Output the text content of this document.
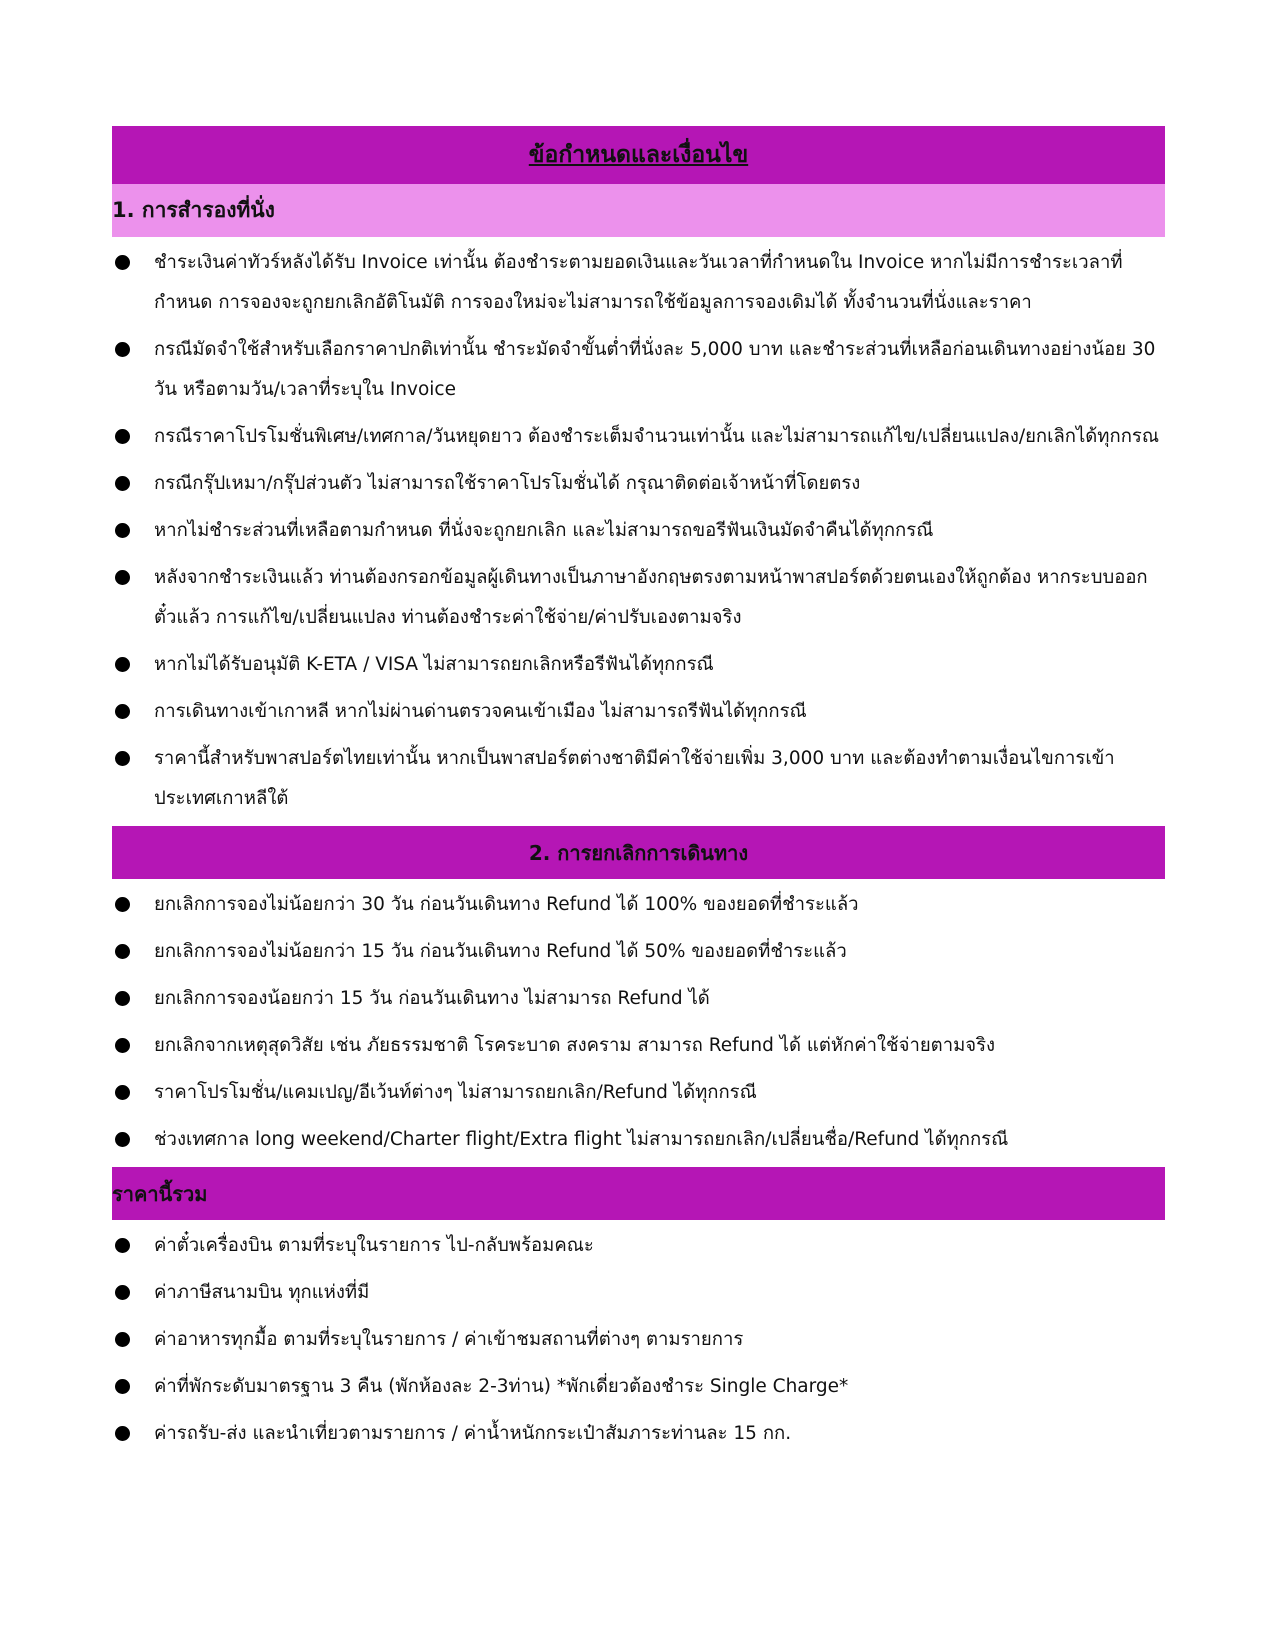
ข้อกำหนดและเงื่อนไข
1. การสำรองที่นั่ง
ชำระเงินค่าทัวร์หลังได้รับ Invoice เท่านั้น ต้องชำระตามยอดเงินและวันเวลาที่กำหนดใน Invoice หากไม่มีการชำระเวลาที่กำหนด การจองจะถูกยกเลิกอัติโนมัติ การจองใหม่จะไม่สามารถใช้ข้อมูลการจองเดิมได้ ทั้งจำนวนที่นั่งและราคา
กรณีมัดจำใช้สำหรับเลือกราคาปกติเท่านั้น ชำระมัดจำขั้นต่ำที่นั่งละ 5,000 บาท และชำระส่วนที่เหลือก่อนเดินทางอย่างน้อย 30 วัน หรือตามวัน/เวลาที่ระบุใน Invoice
กรณีราคาโปรโมชั่นพิเศษ/เทศกาล/วันหยุดยาว ต้องชำระเต็มจำนวนเท่านั้น และไม่สามารถแก้ไข/เปลี่ยนแปลง/ยกเลิกได้ทุกกรณ
กรณีกรุ๊ปเหมา/กรุ๊ปส่วนตัว ไม่สามารถใช้ราคาโปรโมชั่นได้ กรุณาติดต่อเจ้าหน้าที่โดยตรง
หากไม่ชำระส่วนที่เหลือตามกำหนด ที่นั่งจะถูกยกเลิก และไม่สามารถขอรีฟันเงินมัดจำคืนได้ทุกกรณี
หลังจากชำระเงินแล้ว ท่านต้องกรอกข้อมูลผู้เดินทางเป็นภาษาอังกฤษตรงตามหน้าพาสปอร์ตด้วยตนเองให้ถูกต้อง หากระบบออกตั๋วแล้ว การแก้ไข/เปลี่ยนแปลง ท่านต้องชำระค่าใช้จ่าย/ค่าปรับเองตามจริง
หากไม่ได้รับอนุมัติ K-ETA / VISA ไม่สามารถยกเลิกหรือรีฟันได้ทุกกรณี
การเดินทางเข้าเกาหลี หากไม่ผ่านด่านตรวจคนเข้าเมือง ไม่สามารถรีฟันได้ทุกกรณี
ราคานี้สำหรับพาสปอร์ตไทยเท่านั้น หากเป็นพาสปอร์ตต่างชาติมีค่าใช้จ่ายเพิ่ม 3,000 บาท และต้องทำตามเงื่อนไขการเข้าประเทศเกาหลีใต้
2. การยกเลิกการเดินทาง
ยกเลิกการจองไม่น้อยกว่า 30 วัน ก่อนวันเดินทาง Refund ได้ 100% ของยอดที่ชำระแล้ว
ยกเลิกการจองไม่น้อยกว่า 15 วัน ก่อนวันเดินทาง Refund ได้ 50% ของยอดที่ชำระแล้ว
ยกเลิกการจองน้อยกว่า 15 วัน ก่อนวันเดินทาง ไม่สามารถ Refund ได้
ยกเลิกจากเหตุสุดวิสัย เช่น ภัยธรรมชาติ โรคระบาด สงคราม สามารถ Refund ได้ แต่หักค่าใช้จ่ายตามจริง
ราคาโปรโมชั่น/แคมเปญ/อีเว้นท์ต่างๆ ไม่สามารถยกเลิก/Refund ได้ทุกกรณี
ช่วงเทศกาล long weekend/Charter flight/Extra flight ไม่สามารถยกเลิก/เปลี่ยนชื่อ/Refund ได้ทุกกรณี
ราคานี้รวม
ค่าตั๋วเครื่องบิน ตามที่ระบุในรายการ ไป-กลับพร้อมคณะ
ค่าภาษีสนามบิน ทุกแห่งที่มี
ค่าอาหารทุกมื้อ ตามที่ระบุในรายการ / ค่าเข้าชมสถานที่ต่างๆ ตามรายการ
ค่าที่พักระดับมาตรฐาน 3 คืน (พักห้องละ 2-3ท่าน) *พักเดี่ยวต้องชำระ Single Charge*
ค่ารถรับ-ส่ง และนำเที่ยวตามรายการ / ค่าน้ำหนักกระเป๋าสัมภาระท่านละ 15 กก.
